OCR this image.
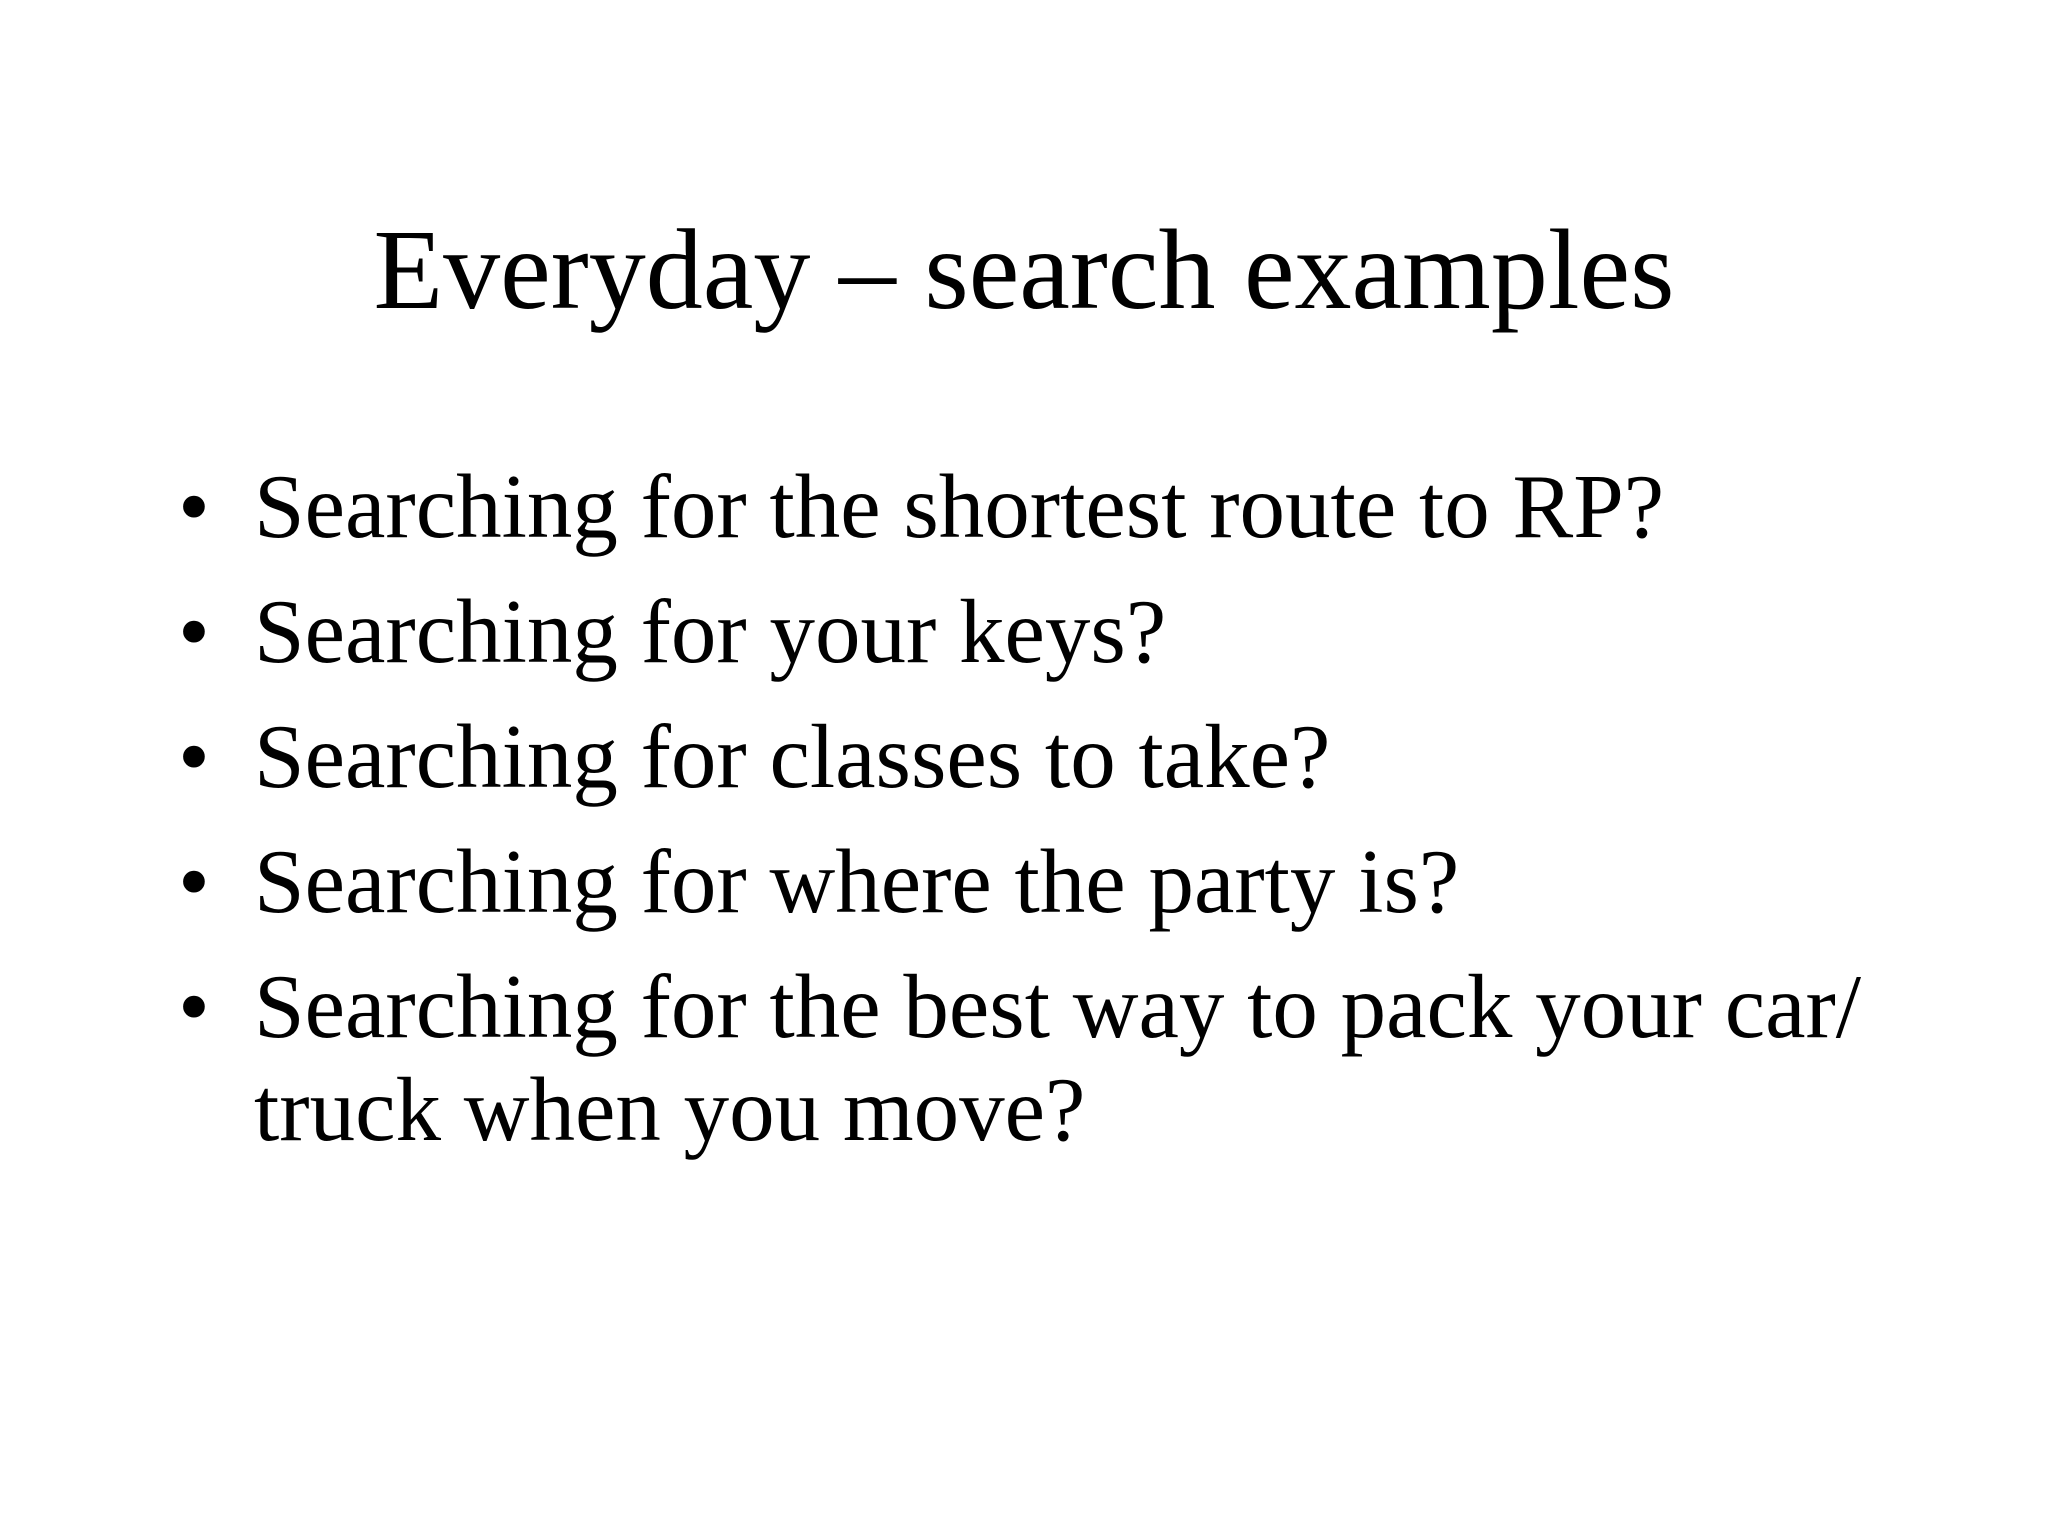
Everyday – search examples
• Searching for the shortest route to RP?
• Searching for your keys?
• Searching for classes to take?
• Searching for where the party is?
• Searching for the best way to pack your car/ truck when you move?
